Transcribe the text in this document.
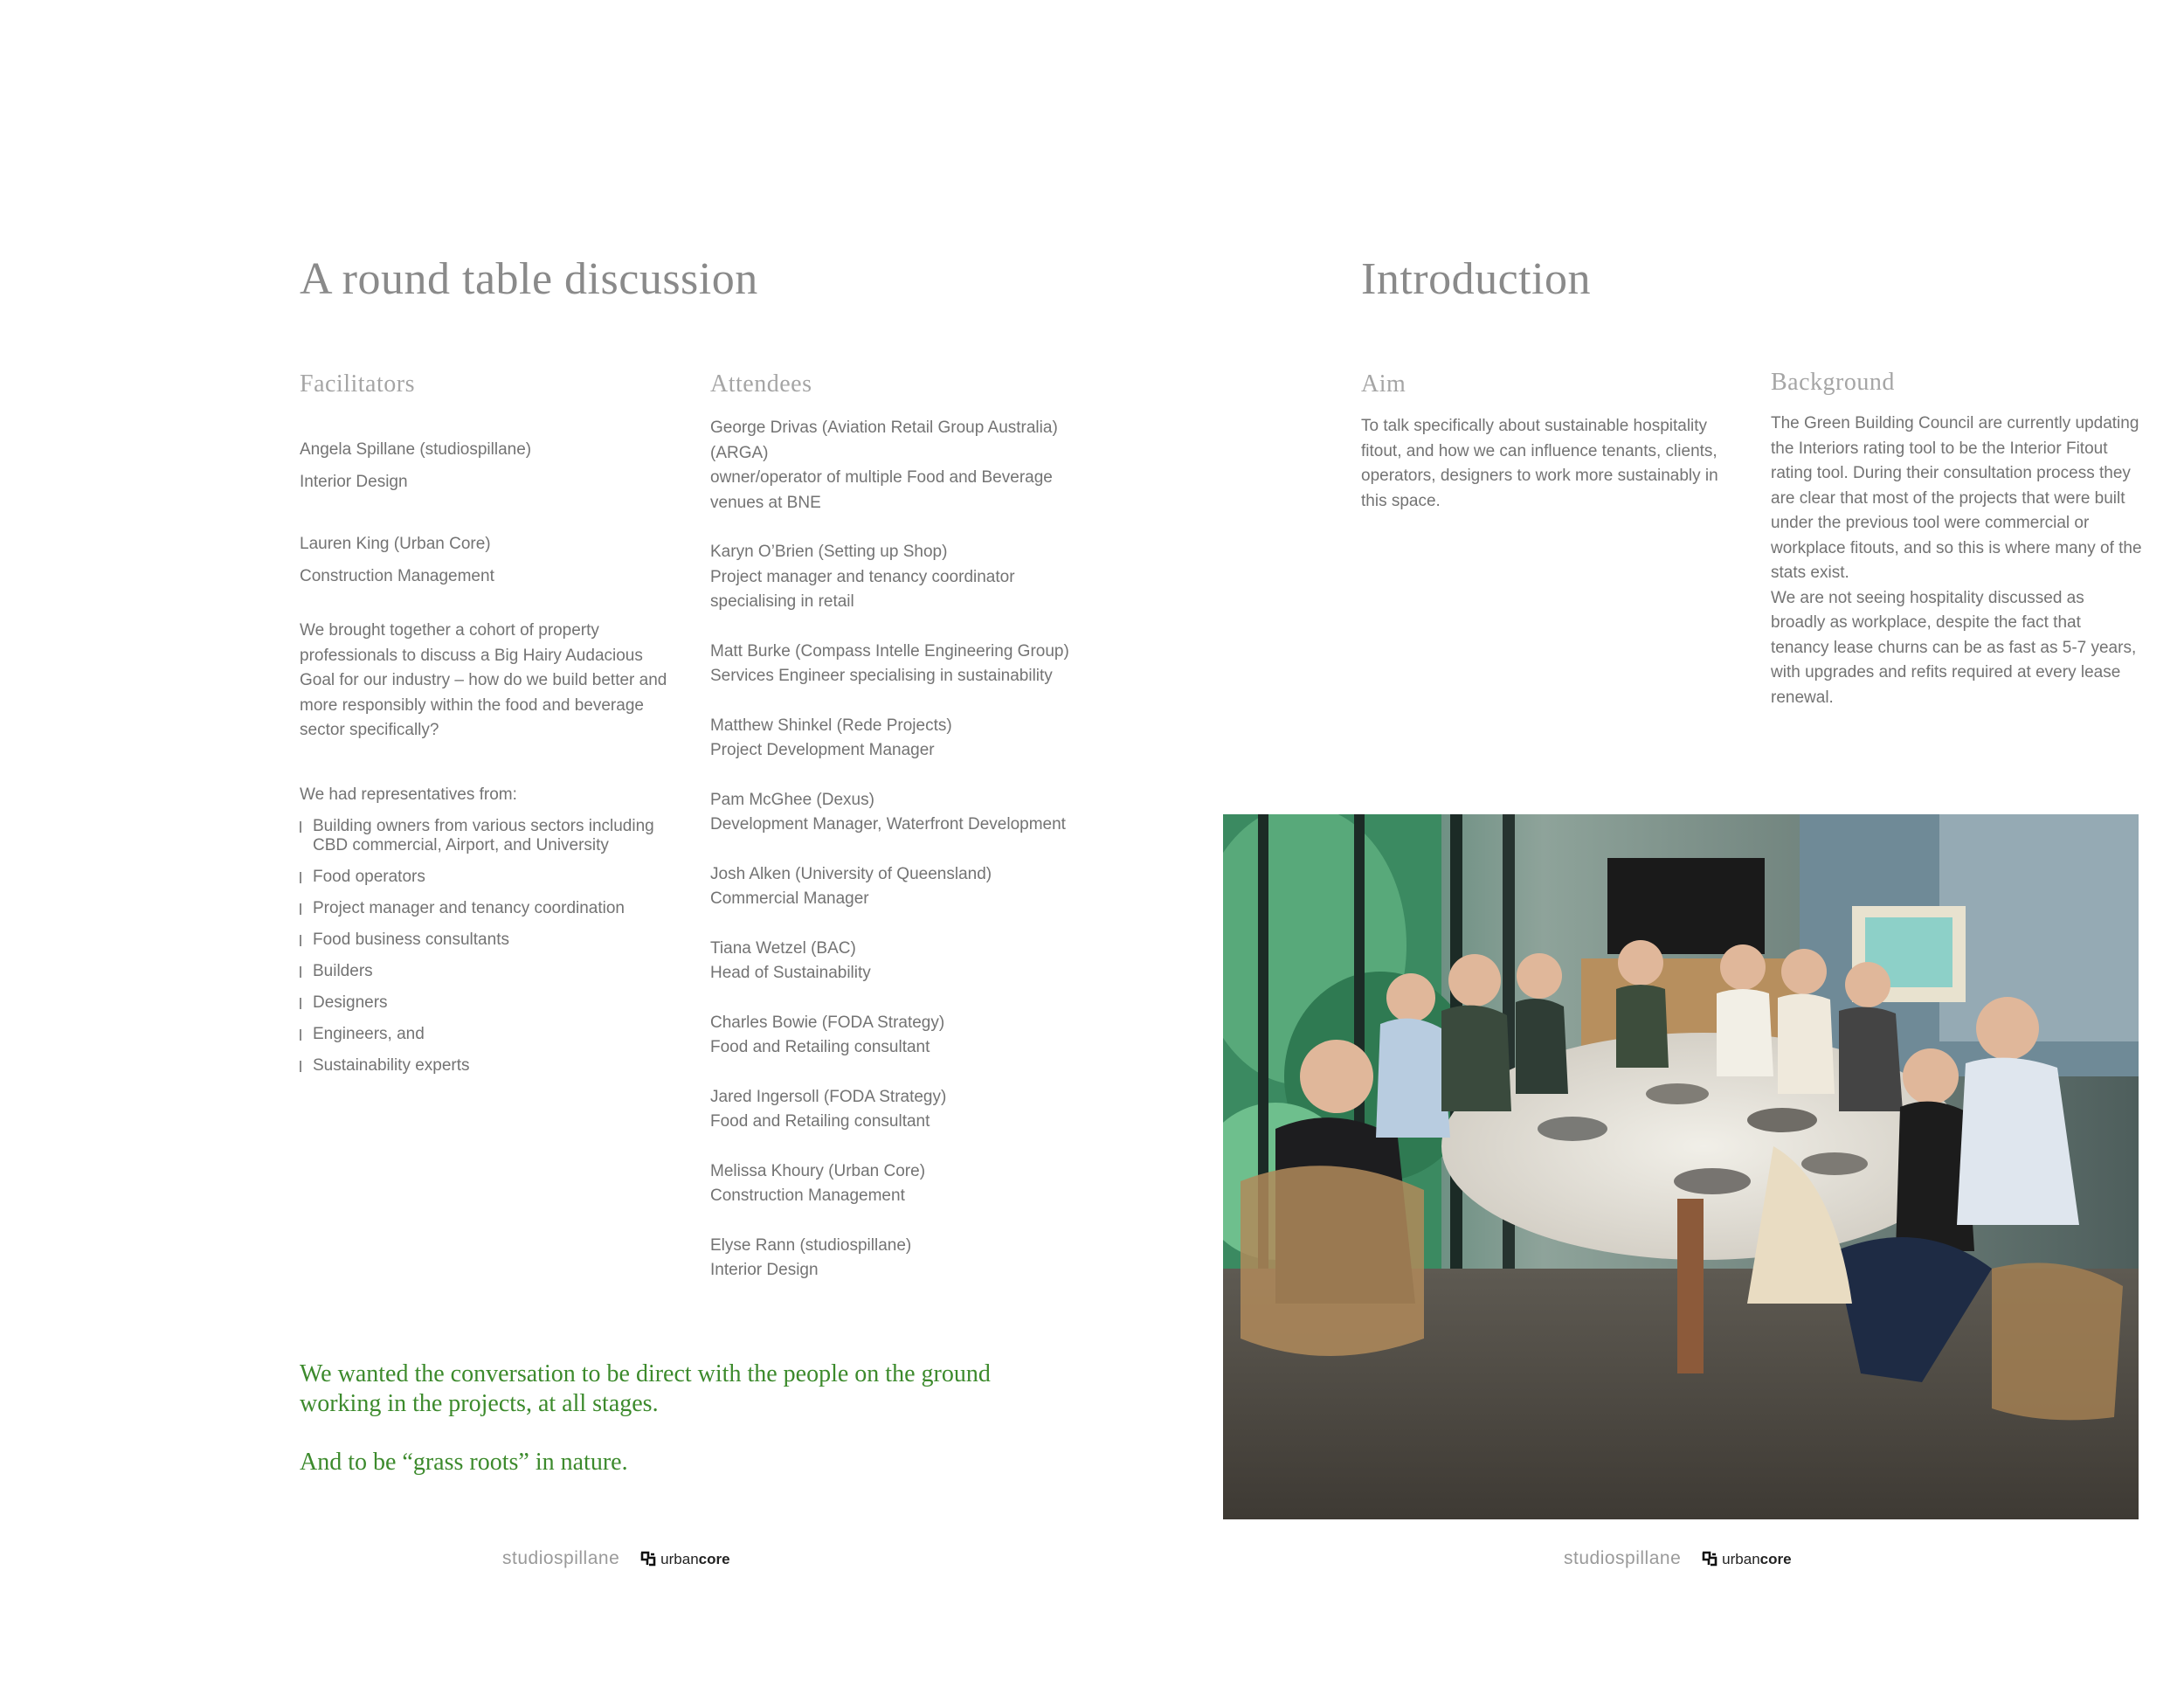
A round table discussion
Facilitators	Attendees
Angela Spillane (studiospillane)
Interior Design
Lauren King (Urban Core)
Construction Management

We brought together a cohort of property professionals to discuss a Big Hairy Audacious Goal for our industry – how do we build better and more responsibly within the food and beverage sector specifically?

We had representatives from:
Building owners from various sectors including CBD commercial, Airport, and University
Food operators
Project manager and tenancy coordination
Food business consultants
Builders
Designers
Engineers, and
Sustainability experts
George Drivas (Aviation Retail Group Australia)
(ARGA)
owner/operator of multiple Food and Beverage
venues at BNE
Karyn O’Brien (Setting up Shop)
Project manager and tenancy coordinator
specialising in retail
Matt Burke (Compass Intelle Engineering Group)
Services Engineer specialising in sustainability
Matthew Shinkel (Rede Projects)
Project Development Manager
Pam McGhee (Dexus)
Development Manager, Waterfront Development
Josh Alken (University of Queensland)
Commercial Manager
Tiana Wetzel (BAC)
Head of Sustainability
Charles Bowie (FODA Strategy)
Food and Retailing consultant
Jared Ingersoll (FODA Strategy)
Food and Retailing consultant
Melissa Khoury (Urban Core)
Construction Management
Elyse Rann (studiospillane)
Interior Design

We wanted the conversation to be direct with the people on the ground

working in the projects, at all stages.

And to be “grass roots” in nature.

studiospillane	urbancore
Introduction
Aim	Background

To talk specifically about sustainable hospitality fitout, and how we can influence tenants, clients, operators, designers to work more sustainably in this space.

The Green Building Council are currently updating the Interiors rating tool to be the Interior Fitout rating tool. During their consultation process they are clear that most of the projects that were built under the previous tool were commercial or workplace fitouts, and so this is where many of the stats exist.

We are not seeing hospitality discussed as broadly as workplace, despite the fact that tenancy lease churns can be as fast as 5-7 years, with upgrades and refits required at every lease renewal.

studiospillane	urbancore
